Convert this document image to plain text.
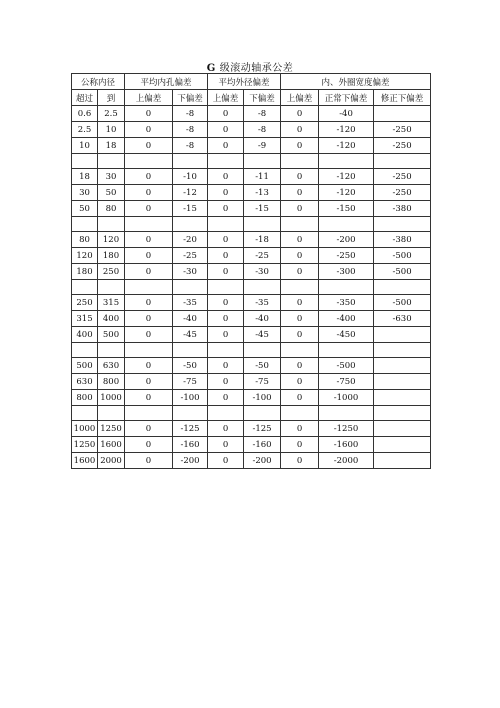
G 级滚动轴承公差
公称内径		平均内孔偏差		平均外径偏差		内、外圈宽度偏差		
超过	到	上偏差	下偏差	上偏差	下偏差	上偏差	正常下偏差	修正下偏差
0.6	2.5	0	-8	0	-8	0	-40	
2.5	10	0	-8	0	-8	0	-120	-250
10	18	0	-8	0	-9	0	-120	-250

18	30	0	-10	0	-11	0	-120	-250
30	50	0	-12	0	-13	0	-120	-250
50	80	0	-15	0	-15	0	-150	-380

80	120	0	-20	0	-18	0	-200	-380
120	180	0	-25	0	-25	0	-250	-500
180	250	0	-30	0	-30	0	-300	-500

250	315	0	-35	0	-35	0	-350	-500
315	400	0	-40	0	-40	0	-400	-630
400	500	0	-45	0	-45	0	-450	

500	630	0	-50	0	-50	0	-500	
630	800	0	-75	0	-75	0	-750	
800	1000	0	-100	0	-100	0	-1000	

1000	1250	0	-125	0	-125	0	-1250	
1250	1600	0	-160	0	-160	0	-1600	
1600	2000	0	-200	0	-200	0	-2000	
